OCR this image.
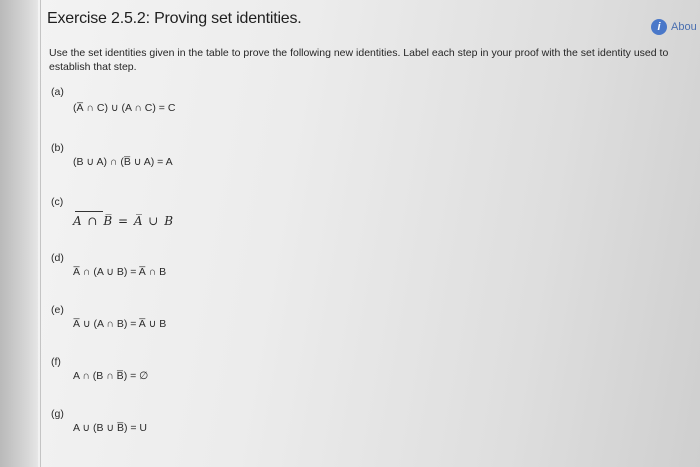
Exercise 2.5.2: Proving set identities.	i Abou
Use the set identities given in the table to prove the following new identities. Label each step in your proof with the set identity used to
establish that step.
(a)
(A̅ ∩ C) ∪ (A ∩ C) = C
(b)
(B ∪ A) ∩ (B̅ ∪ A) = A
(c)
A ∩ B̅ = A̅ ∪ B
(d)
A̅ ∩ (A ∪ B) = A̅ ∩ B
(e)
A̅ ∪ (A ∩ B) = A̅ ∪ B
(f)
A ∩ (B ∩ B̅) = ∅
(g)
A ∪ (B ∪ B̅) = U
